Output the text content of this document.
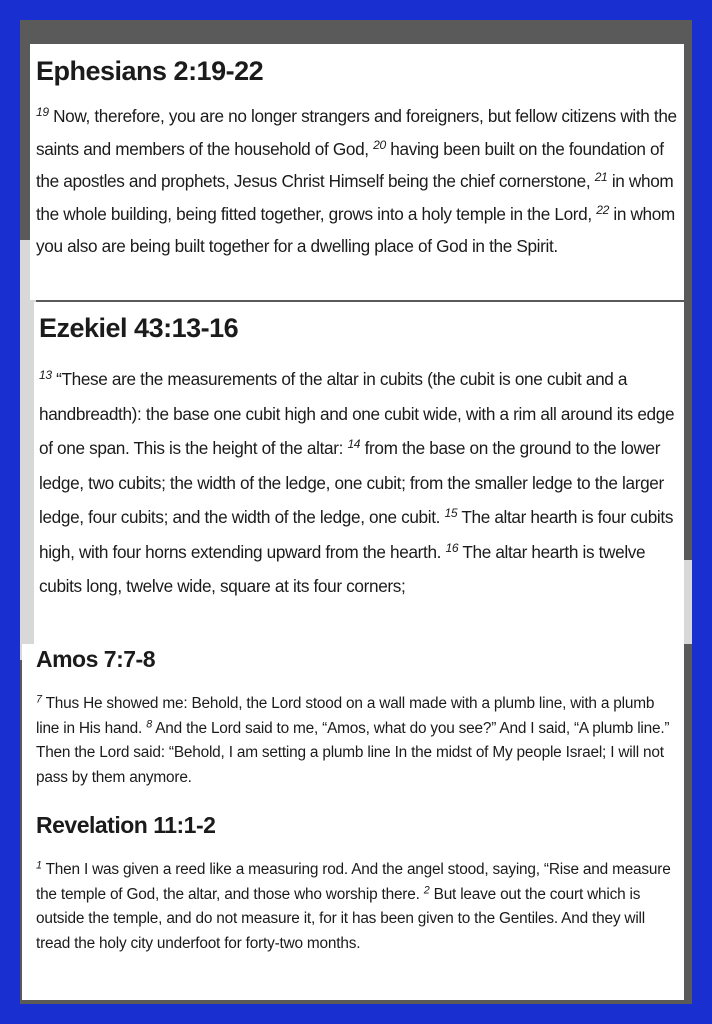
Ephesians 2:19-22

$^{19}$ Now, therefore, you are no longer strangers and foreigners, but fellow citizens with the saints and members of the household of God, $^{20}$ having been built on the foundation of the apostles and prophets, Jesus Christ Himself being the chief cornerstone, $^{21}$ in whom the whole building, being fitted together, grows into a holy temple in the Lord, $^{22}$ in whom you also are being built together for a dwelling place of God in the Spirit.

Ezekiel 43:13-16

$^{13}$ “These are the measurements of the altar in cubits (the cubit is one cubit and a handbreadth): the base one cubit high and one cubit wide, with a rim all around its edge of one span. This is the height of the altar: $^{14}$ from the base on the ground to the lower ledge, two cubits; the width of the ledge, one cubit; from the smaller ledge to the larger ledge, four cubits; and the width of the ledge, one cubit. $^{15}$ The altar hearth is four cubits high, with four horns extending upward from the hearth. $^{16}$ The altar hearth is twelve cubits long, twelve wide, square at its four corners;

Amos 7:7-8

$^7$ Thus He showed me: Behold, the Lord stood on a wall made with a plumb line, with a plumb line in His hand. $^8$ And the Lord said to me, “Amos, what do you see?” And I said, “A plumb line.” Then the Lord said: “Behold, I am setting a plumb line In the midst of My people Israel; I will not pass by them anymore.

Revelation 11:1-2

$^1$ Then I was given a reed like a measuring rod. And the angel stood, saying, “Rise and measure the temple of God, the altar, and those who worship there. $^2$ But leave out the court which is outside the temple, and do not measure it, for it has been given to the Gentiles. And they will tread the holy city underfoot for forty-two months.
